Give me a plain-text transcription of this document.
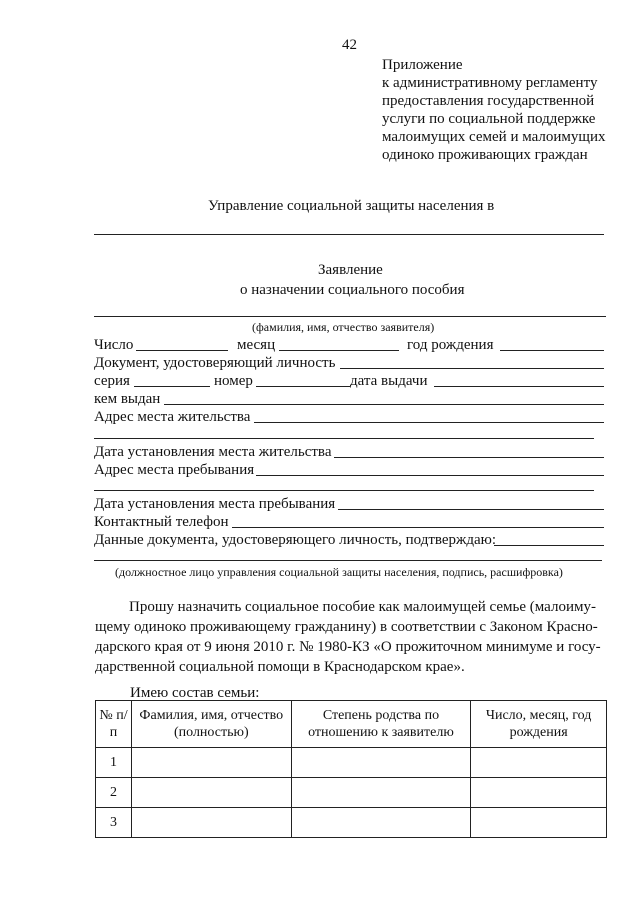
42
Приложение
к административному регламенту
предоставления государственной
услуги по социальной поддержке
малоимущих семей и малоимущих
одиноко проживающих граждан
Управление социальной защиты населения в
Заявление
о назначении социального пособия
(фамилия, имя, отчество заявителя)
Число	месяц	год рождения
Документ, удостоверяющий личность
серия	номер	дата выдачи
кем выдан
Адрес места жительства
Дата установления места жительства
Адрес места пребывания
Дата установления места пребывания
Контактный телефон
Данные документа, удостоверяющего личность, подтверждаю:
(должностное лицо управления социальной защиты населения, подпись, расшифровка)
Прошу назначить социальное пособие как малоимущей семье (малоиму-
щему одиноко проживающему гражданину) в соответствии с Законом Красно-
дарского края от 9 июня 2010 г. № 1980-КЗ «О прожиточном минимуме и госу-
дарственной социальной помощи в Краснодарском крае».
Имею состав семьи:
№ п/п	Фамилия, имя, отчество (полностью)	Степень родства по отношению к заявителю	Число, месяц, год рождения
1			
2			
3			
